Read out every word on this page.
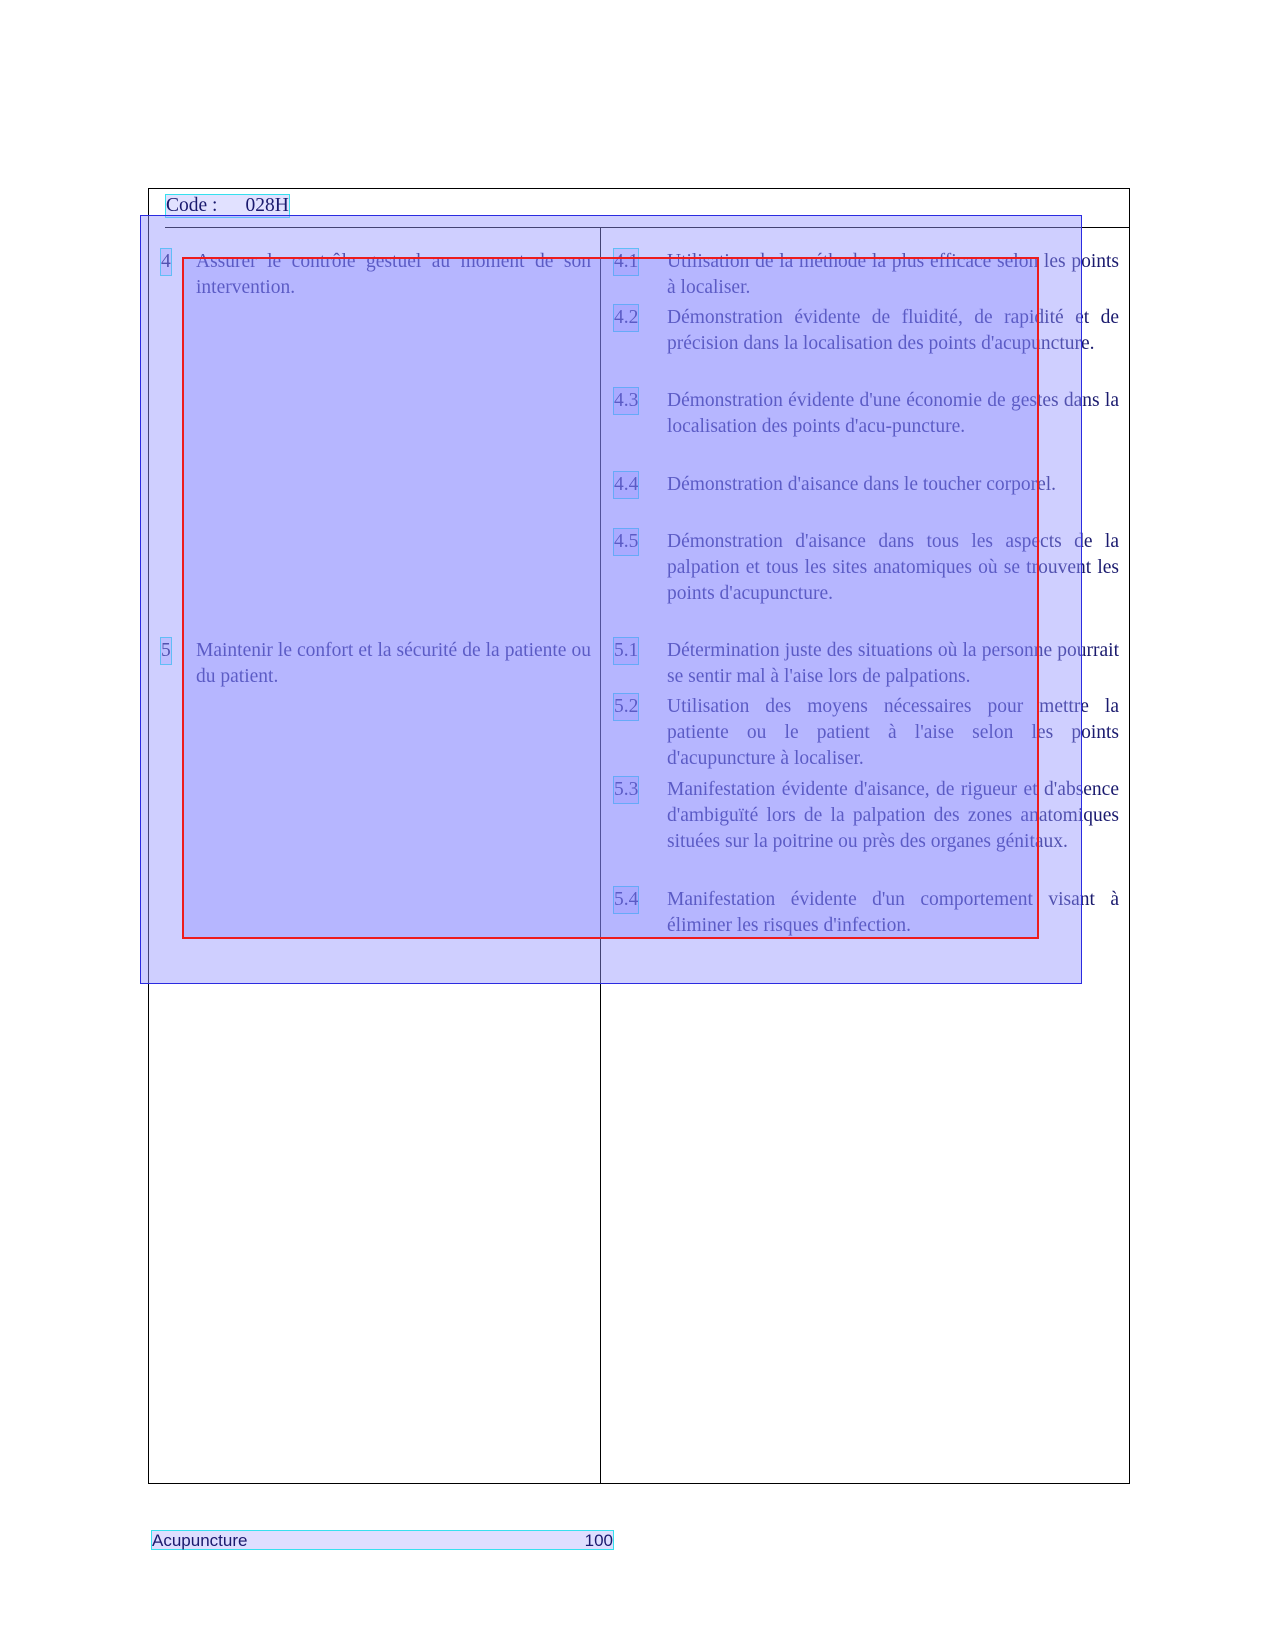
Code : 028H
4 Assurer le contrôle gestuel au moment de son intervention.
5 Maintenir le confort et la sécurité de la patiente ou du patient.
4.1 Utilisation de la méthode la plus efficace selon les points à localiser.
4.2 Démonstration évidente de fluidité, de rapidité et de précision dans la localisation des points d'acupuncture.
4.3 Démonstration évidente d'une économie de gestes dans la localisation des points d'acu-puncture.
4.4 Démonstration d'aisance dans le toucher corporel.
4.5 Démonstration d'aisance dans tous les aspects de la palpation et tous les sites anatomiques où se trouvent les points d'acupuncture.
5.1 Détermination juste des situations où la personne pourrait se sentir mal à l'aise lors de palpations.
5.2 Utilisation des moyens nécessaires pour mettre la patiente ou le patient à l'aise selon les points d'acupuncture à localiser.
5.3 Manifestation évidente d'aisance, de rigueur et d'absence d'ambiguïté lors de la palpation des zones anatomiques situées sur la poitrine ou près des organes génitaux.
5.4 Manifestation évidente d'un comportement visant à éliminer les risques d'infection.
Acupuncture	100
